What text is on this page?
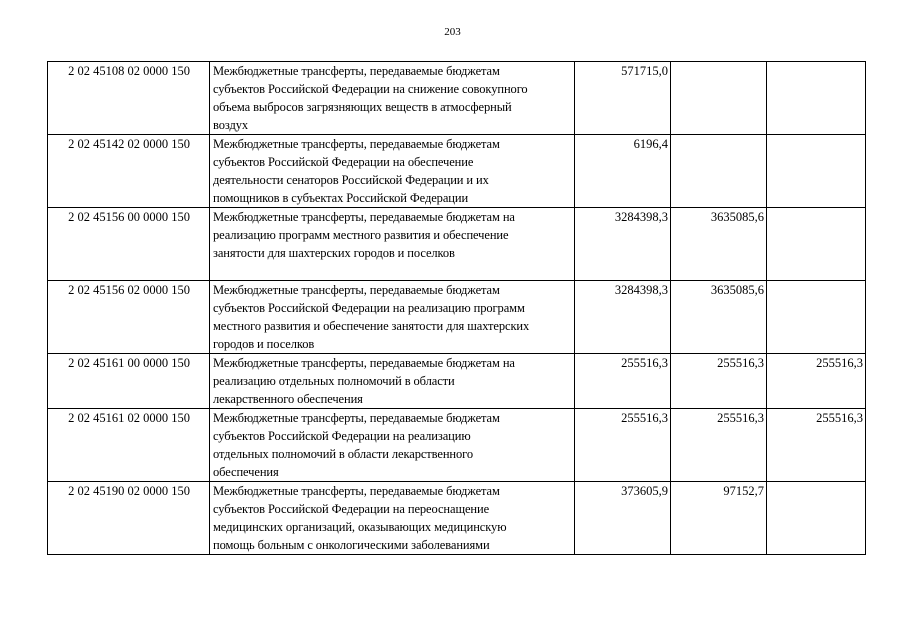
203
2 02 45108 02 0000 150	Межбюджетные трансферты, передаваемые бюджетам
субъектов Российской Федерации на снижение совокупного
объема выбросов загрязняющих веществ в атмосферный
воздух	571715,0		
2 02 45142 02 0000 150	Межбюджетные трансферты, передаваемые бюджетам
субъектов Российской Федерации на обеспечение
деятельности сенаторов Российской Федерации и их
помощников в субъектах Российской Федерации	6196,4		
2 02 45156 00 0000 150	Межбюджетные трансферты, передаваемые бюджетам на
реализацию программ местного развития и обеспечение
занятости для шахтерских городов и поселков	3284398,3	3635085,6	
2 02 45156 02 0000 150	Межбюджетные трансферты, передаваемые бюджетам
субъектов Российской Федерации на реализацию программ
местного развития и обеспечение занятости для шахтерских
городов и поселков	3284398,3	3635085,6	
2 02 45161 00 0000 150	Межбюджетные трансферты, передаваемые бюджетам на
реализацию отдельных полномочий в области
лекарственного обеспечения	255516,3	255516,3	255516,3
2 02 45161 02 0000 150	Межбюджетные трансферты, передаваемые бюджетам
субъектов Российской Федерации на реализацию
отдельных полномочий в области лекарственного
обеспечения	255516,3	255516,3	255516,3
2 02 45190 02 0000 150	Межбюджетные трансферты, передаваемые бюджетам
субъектов Российской Федерации на переоснащение
медицинских организаций, оказывающих медицинскую
помощь больным с онкологическими заболеваниями	373605,9	97152,7	
